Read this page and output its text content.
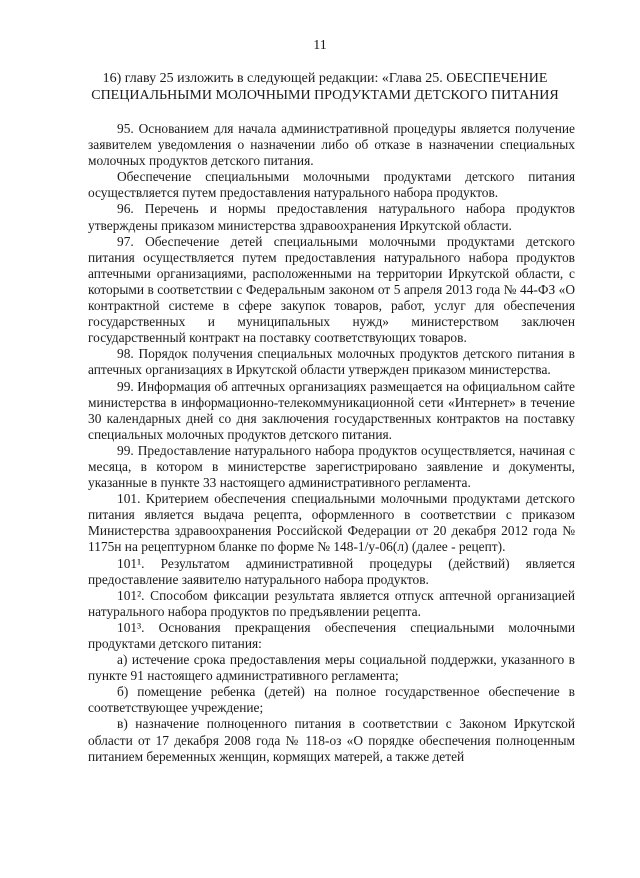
11
16) главу 25 изложить в следующей редакции: «Глава 25. ОБЕСПЕЧЕНИЕ СПЕЦИАЛЬНЫМИ МОЛОЧНЫМИ ПРОДУКТАМИ ДЕТСКОГО ПИТАНИЯ

95. Основанием для начала административной процедуры является получение заявителем уведомления о назначении либо об отказе в назначении специальных молочных продуктов детского питания.

Обеспечение специальными молочными продуктами детского питания осуществляется путем предоставления натурального набора продуктов.

96. Перечень и нормы предоставления натурального набора продуктов утверждены приказом министерства здравоохранения Иркутской области.

97. Обеспечение детей специальными молочными продуктами детского питания осуществляется путем предоставления натурального набора продуктов аптечными организациями, расположенными на территории Иркутской области, с которыми в соответствии с Федеральным законом от 5 апреля 2013 года № 44-ФЗ «О контрактной системе в сфере закупок товаров, работ, услуг для обеспечения государственных и муниципальных нужд» министерством заключен государственный контракт на поставку соответствующих товаров.

98. Порядок получения специальных молочных продуктов детского питания в аптечных организациях в Иркутской области утвержден приказом министерства.

99. Информация об аптечных организациях размещается на официальном сайте министерства в информационно-телекоммуникационной сети «Интернет» в течение 30 календарных дней со дня заключения государственных контрактов на поставку специальных молочных продуктов детского питания.

99. Предоставление натурального набора продуктов осуществляется, начиная с месяца, в котором в министерстве зарегистрировано заявление и документы, указанные в пункте 33 настоящего административного регламента.

101. Критерием обеспечения специальными молочными продуктами детского питания является выдача рецепта, оформленного в соответствии с приказом Министерства здравоохранения Российской Федерации от 20 декабря 2012 года № 1175н на рецептурном бланке по форме № 148-1/у-06(л) (далее - рецепт).

101¹. Результатом административной процедуры (действий) является предоставление заявителю натурального набора продуктов.

101². Способом фиксации результата является отпуск аптечной организацией натурального набора продуктов по предъявлении рецепта.

101³. Основания прекращения обеспечения специальными молочными продуктами детского питания:

а) истечение срока предоставления меры социальной поддержки, указанного в пункте 91 настоящего административного регламента;

б) помещение ребенка (детей) на полное государственное обеспечение в соответствующее учреждение;

в) назначение полноценного питания в соответствии с Законом Иркутской области от 17 декабря 2008 года № 118-оз «О порядке обеспечения полноценным питанием беременных женщин, кормящих матерей, а также детей
